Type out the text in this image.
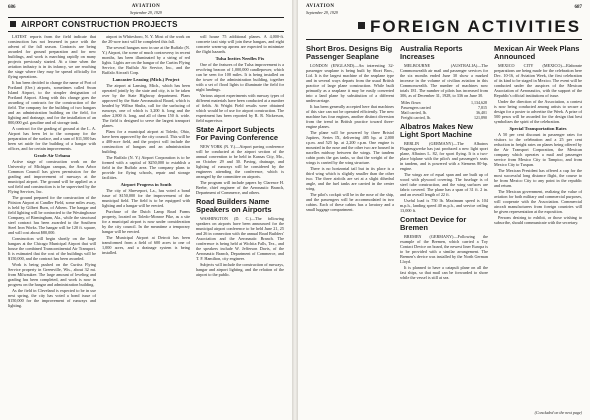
686	AVIATION
September 29, 1929
AIRPORT CONSTRUCTION PROJECTS

LATEST reports from the field indicate that construction has not lessened in pace with the advent of the fall season. Contracts are being awarded for ground preparation and for new buildings, and work is marching rapidly on many projects previously started. At a time when the aviation industry is in its infancy, we are reaching the stage where they may be spread officially for flying operations.

It has been decided to change the name of Port of Portland (Ore.) airports, sometimes called Swan Island Airport, to the simpler designation of Portland Airport. Along with this change goes the awarding of contracts for the construction of the field. The company for the building of two hangars and an administration building on the field, for lighting and drainage, and for the installation of an 800,000 gal. gasoline and oil storage tank.

A contract for the grading of ground at the L. A. Airport has been let to the company for the preparation of the surface, and a sum of $11,500 has been set aside for the building of a hangar with offices, and for certain improvements.

Grade Air Urbana

Active stage of construction work on the University of Michigan campus, the Ann Arbor Common Council has given permission for the grading and improvement of runways at the municipal airport. The ground will be applied as a sod field and construction is to be supervised by the Flying Services, Inc.

The ground prepared for the construction of the Pittston Airport at Candler Field, some miles away, is held by Gilbert Burn, of Athens. The hangar and field lighting will be contracted to the Westinghouse Company, of Birmingham, Ala., while the structural steel contract has been awarded to the Southern Steel Iron Works. The hangar will be 120 ft. square, and will cost about $80,000.

Construction will begin shortly on the large hangars at the Chicago Municipal Airport that will house the combined Transcontinental Air Transport. It is estimated that the cost of the buildings will be $150,000, and the contract has been awarded.

Work is being pushed on the Curtiss Flying Service property in Greenville, Wis., about 32 mi. from Milwaukee. The large amount of leveling and grading has been completed, and work is now in progress on the hangar and administration building.

As the field in Cleveland is expected to be in use next spring, the city has voted a bond issue of $150,000 for the improvement of runways and lighting.

airport in Whitesboro, N. Y. Most of the work on the 20-acre tract will be completed this fall.

The several hangars now in use at the Buffalo (N. Y.) Airport, the scene of much controversy in recent months, has been illuminated by a string of red lights. Lights are on the hangar of the Curtiss Flying Service, the Buffalo Air Service, Inc., and the Buffalo Aircraft Corp.

Lancaster Leasing (Mich.) Project

The airport at Lansing, Mich., which has been operated jointly by the state and city, is to be taken over by the State Highway department. Plans approved by the State Aeronautical Board, which is headed by Wilbur Shultz, call for the surfacing of runways, one of which is 3,200 ft. long and the other 2,800 ft. long, and all of them 150 ft. wide. The field is designed to serve the largest transport planes.

Plans for a municipal airport at Toledo, Ohio, have been approved by the city council. This will be a 400-acre field, and the project will include the construction of hangars and an administration building.

The Buffalo (N. Y.) Airport Corporation is to be formed with a capital of $250,000 to establish a field in the Buffalo area. The company plans to provide for flying schools, repair and storage facilities.

Airport Progress in South

The city of Shreveport, La., has voted a bond issue of $150,000 for the improvement of the municipal field. The field is to be equipped with lighting and a hangar will be erected.

Purchase of the Dutch Lamp Road Farms property, located on Toledo-Monroe Pike, as a site for a municipal airport is now under consideration by the city council. In the meantime a temporary hangar will be erected.

The Municipal Airport at Detroit has been transformed from a field of 600 acres to one of 1,000 acres, and a drainage system is being installed.

will house 75 additional planes. A 4,000-ft. concrete taxi strip will join these hangars, and eight concrete warm-up aprons are expected to minimize the flight hazards.

Tulsa Invites Needles Fix

One of the features of the Tulsa improvement is a revolving beacon of 1,000,000 candlepower, which can be seen for 100 miles. It is being installed on the tower of the administration building, together with a set of flood lights to illuminate the field for night landings.

Various airport experiments with runway types of different materials have been conducted at a number of fields. At Wright Field results were obtained which would be of use for airport construction. The experiment has been reported by R. R. Nickerson, field supervisor.

State Airport Subjects For Paving Conference

NEW YORK (N. Y.)—Airport paving conference will be conducted at the airport section of the annual convention to be held in Kansas City, Mo., on October 29 and 30. Paving, drainage, and lighting of runways will be considered by the engineers attending the conference, which is arranged by the committee on airports.

The program will include papers by Clarence H. Beebe, chief engineer of the Aeronautic Branch, Department of Commerce, and others.

Road Builders Name Speakers on Airports

WASHINGTON (D. C.)—The following speakers on airports have been announced for the municipal airport conference to be held June 21, 25 and 26 in connection with the annual Road Builders' Association and the Aeronautic Branch. The conference is being held at Wichita Falls, Tex., and the speakers include W. Jefferson Davis, of the Aeronautic Branch, Department of Commerce, and T. F. Hamilton, city engineer.

Subjects will include the construction of runways, hangar and airport lighting, and the relation of the airport to the public.

687
AVIATION
September 29, 1929
FOREIGN ACTIVITIES
Short Bros. Designs Big Passenger Seaplane

LONDON (ENGLAND)—An interesting 32-passenger seaplane is being built by Short Bros., Ltd. It is the largest machine of the seaplane type and in several ways departs from the usual British practice of large plane construction. While built primarily as a seaplane it may be easily converted into a land plane by substitution of a different undercarriage.

It has been generally accepted here that machines of this size can not be operated efficiently. The new machine has four engines, another distinct diversion from the trend in British practice toward three-engine planes.

The plane will be powered by three Bristol Jupiters, Series IX, delivering 485 hp. at 2,000 r.p.m. and 525 hp. at 2,200 r.p.m. One engine is mounted in the nose and the other two are housed in nacelles midway between the wings. The tandem cabin ports the gas tanks, so that the weight of the wings is carried by the wing structure.

There is no horizontal tail but in its place is a third wing which is slightly smaller than the other two. The three airfoils are set at a slight dihedral angle, and the fuel tanks are carried in the center wing.

The pilot's cockpit will be in the nose of the ship, and the passengers will be accommodated in two cabins. Each of these cabins has a lavatory and a small luggage compartment.

Australia Reports Increases

MELBOURNE (AUSTRALIA)—The Commonwealth air mail and passenger services for the six months ended June 30 show a marked increase in the volume of civilian aviation in this Commonwealth. The number of machines now totals 181. The number of pilots has increased from 306, as of December 31, 1928, to 336 on June 30.

Miles flown	1,134,628
Passengers carried	7,815
Mail carried, lb.	36,401
Freight carried, lb.	121,890
Albatros Makes New Light Sport Machine

BERLIN (GERMANY)—The Albatros Flugzeugwerke has just produced a new light sport plane, Albatros L. 82, for sport flying. It is a two-place biplane with the pilot's and passenger's seats in tandem, and is powered with a Siemens 80-hp. engine.

The wings are of equal span and are built up of wood with plywood covering. The fuselage is of steel tube construction, and the wing surfaces are fabric covered. The plane has a span of 31 ft. 2 in. and an overall length of 22 ft.

Useful load is 750 lb. Maximum speed is 104 m.p.h., landing speed 40 m.p.h., and service ceiling 13,000 ft.

Contact Device for Bremen

BREMEN (GERMANY)—Following the example of the Bremen, which carried a Toy Contact Device on board, the newest liner Europa is to be provided with a similar arrangement. The Bremen's device was installed by the North German Lloyd.

It is planned to have a catapult plane on all the fast ships, so that mail can be forwarded to shore while the vessel is still at sea.

Mexican Air Week Plans Announced

MEXICO CITY (MEXICO)—Elaborate preparations are being made for the celebration here Dec. 10-16, of Aviation Week, the first celebration of its kind to be staged in Mexico. The event will be conducted under the auspices of the Mexican Association of Aeronautics, with the support of the Republic's official institutions of issue.

Under the direction of the Association, a contest is now being conducted among artists to secure a design for a poster to advertise the Week. A prize of 500 pesos will be awarded for the design that best symbolizes the spirit of the celebration.

Special Transportation Rates

A 50 per cent discount in passenger rates for visitors to the celebration and a 25 per cent reduction in freight rates on planes being offered by the Air Transport Corporation, the Mexican company which operates a mail and passenger service from Mexico City to Tampico, and from Mexico City to Tuxpan.

The Mexican President has offered a cup for the most successful long distance flight, the course to be from Mexico City to any point in the republic and return.

The Mexican government, realizing the value of aviation for both military and commercial purposes, will cooperate with the Association. Commercial aircraft manufacturers from foreign countries will be given representation at the exposition.

Persons desiring to exhibit, or those wishing to subscribe, should communicate with the secretary.

(Concluded on the next page)
